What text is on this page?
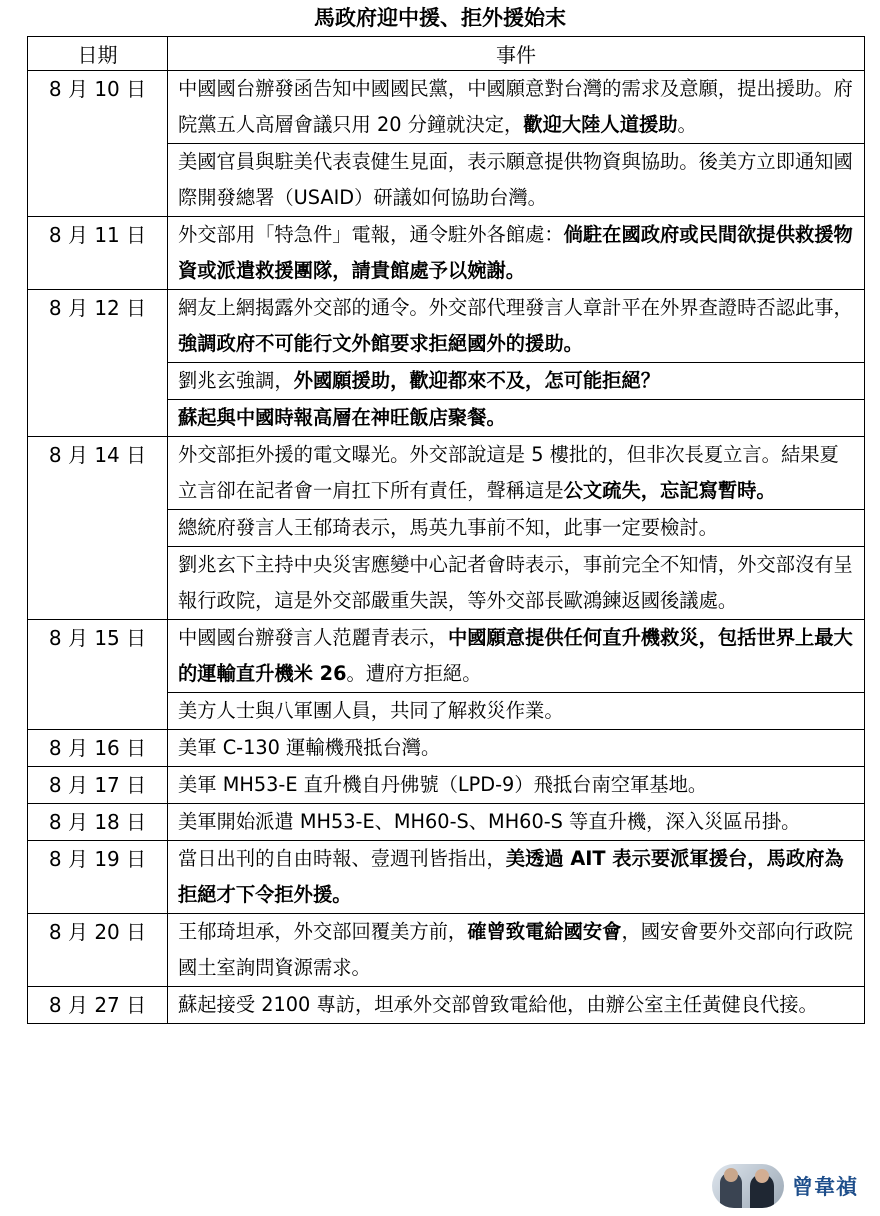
馬政府迎中援、拒外援始末
日期	事件
8 月 10 日	中國國台辦發函告知中國國民黨，中國願意對台灣的需求及意願，提出援助。府院黨五人高層會議只用 20 分鐘就決定，歡迎大陸人道援助。
	美國官員與駐美代表袁健生見面，表示願意提供物資與協助。後美方立即通知國際開發總署（USAID）研議如何協助台灣。
8 月 11 日	外交部用「特急件」電報，通令駐外各館處：倘駐在國政府或民間欲提供救援物資或派遣救援團隊，請貴館處予以婉謝。
8 月 12 日	網友上網揭露外交部的通令。外交部代理發言人章計平在外界查證時否認此事，強調政府不可能行文外館要求拒絕國外的援助。
	劉兆玄強調，外國願援助，歡迎都來不及，怎可能拒絕？
	蘇起與中國時報高層在神旺飯店聚餐。
8 月 14 日	外交部拒外援的電文曝光。外交部說這是 5 樓批的，但非次長夏立言。結果夏立言卻在記者會一肩扛下所有責任，聲稱這是公文疏失，忘記寫暫時。
	總統府發言人王郁琦表示，馬英九事前不知，此事一定要檢討。
	劉兆玄下主持中央災害應變中心記者會時表示，事前完全不知情，外交部沒有呈報行政院，這是外交部嚴重失誤，等外交部長歐鴻鍊返國後議處。
8 月 15 日	中國國台辦發言人范麗青表示，中國願意提供任何直升機救災，包括世界上最大的運輸直升機米 26。遭府方拒絕。
	美方人士與八軍團人員，共同了解救災作業。
8 月 16 日	美軍 C-130 運輸機飛抵台灣。
8 月 17 日	美軍 MH53-E 直升機自丹佛號（LPD-9）飛抵台南空軍基地。
8 月 18 日	美軍開始派遣 MH53-E、MH60-S、MH60-S 等直升機，深入災區吊掛。
8 月 19 日	當日出刊的自由時報、壹週刊皆指出，美透過 AIT 表示要派軍援台，馬政府為拒絕才下令拒外援。
8 月 20 日	王郁琦坦承，外交部回覆美方前，確曾致電給國安會，國安會要外交部向行政院國土室詢問資源需求。
8 月 27 日	蘇起接受 2100 專訪，坦承外交部曾致電給他，由辦公室主任黃健良代接。
曾韋禎
